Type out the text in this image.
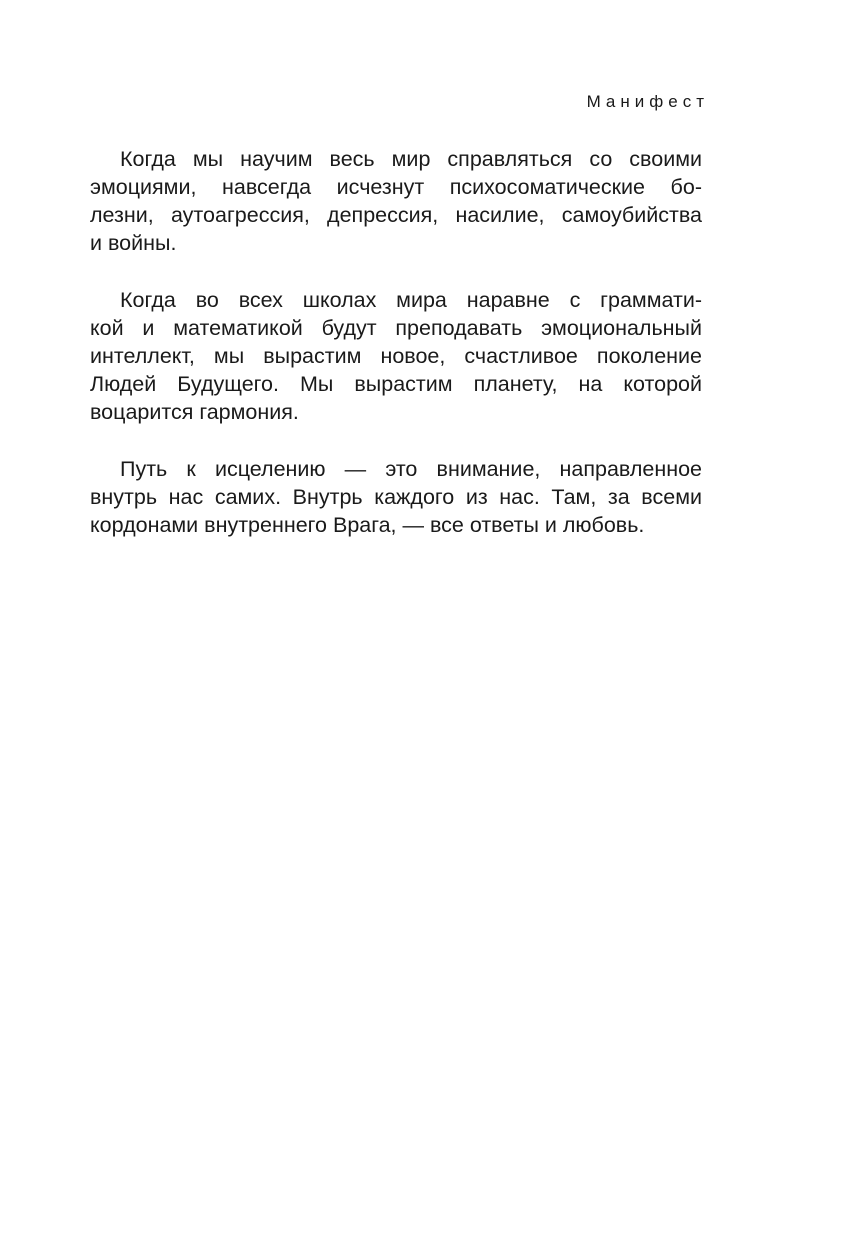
Манифест

Когда мы научим весь мир справляться со своими
эмоциями, навсегда исчезнут психосоматические бо-
лезни, аутоагрессия, депрессия, насилие, самоубийства
и войны.

Когда во всех школах мира наравне с граммати-
кой и математикой будут преподавать эмоциональный
интеллект, мы вырастим новое, счастливое поколение
Людей Будущего. Мы вырастим планету, на которой
воцарится гармония.

Путь к исцелению — это внимание, направленное
внутрь нас самих. Внутрь каждого из нас. Там, за всеми
кордонами внутреннего Врага, — все ответы и любовь.
